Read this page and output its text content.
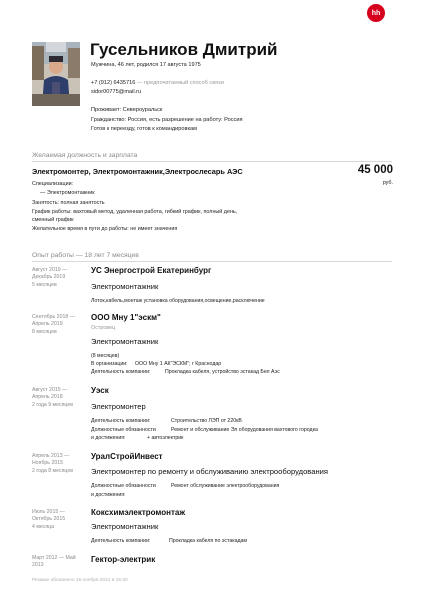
hh
Гусельников Дмитрий
Мужчина, 46 лет, родился 17 августа 1975
+7 (912) 6435716 — предпочитаемый способ связи
sidor00775@mail.ru
Проживает: Североуральск
Гражданство: Россия, есть разрешение на работу: Россия
Готов к переезду, готов к командировкам
Желаемая должность и зарплата
Электромонтер, Электромонтажник,Электрослесарь АЭС	45 000
руб.
Специализации:
— Электромонтажник
Занятость: полная занятость
График работы: вахтовый метод, удаленная работа, гибкий график, полный день,
сменный график
Желательное время в пути до работы: не имеет значения
Опыт работы — 18 лет 7 месяцев
Август 2019 —
Декабрь 2019
5 месяцев
УС Энергострой Екатеринбург
Электромонтажник
Лоток,кабель,монтаж установка оборудования,освещение,расключение
Сентябрь 2018 —
Апрель 2019
8 месяцев
ООО Мну 1"эскм"
Островец
Электромонтажник
(8 месяцев)
В организации: ООО Мну 1 АК"ЭСКМ"; г Краснодар
Деятельность компании:	Прокладка кабеля, устройство эстакад Бел Аэс
Август 2015 —
Апрель 2018
2 года 9 месяцев
Уэск
Электромонтер
Деятельность компании:	Строительство ЛЭП от 220кВ
Должностные обязанности	Ремонт и обслуживание Эл оборудования вахтового городка
и достижения:	+ автоэлектрик
Апрель 2013 —
Ноябрь 2015
2 года 8 месяцев
УралСтройИнвест
Электромонтер по ремонту и обслуживанию электрооборудования
Должностные обязанности	Ремонт обслуживание электрооборудования
и достижения:
Июль 2015 —
Октябрь 2015
4 месяца
Коксхимэлектромонтаж
Электромонтажник
Деятельность компании:	Прокладка кабеля по эстакадам
Март 2012 — Май
2013
Гектор-электрик
Резюме обновлено 16 ноября 2021 в 15:30
